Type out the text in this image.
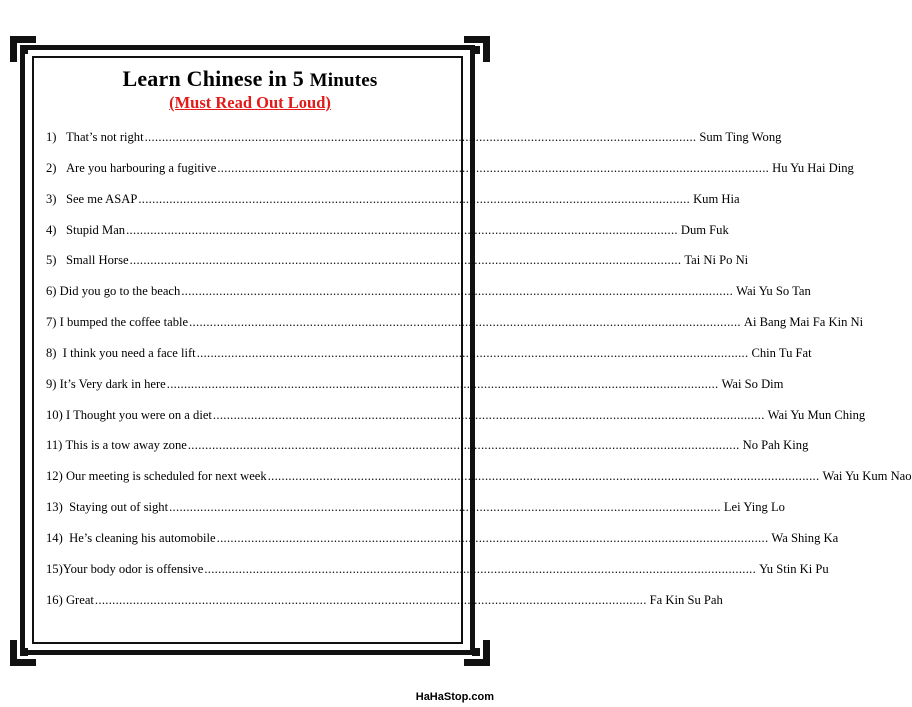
Learn Chinese in 5 Minutes
(Must Read Out Loud)
1)
That’s not right ................................................................................................................................................................ Sum Ting Wong
2)
Are you harbouring a fugitive ................................................................................................................................................................ Hu Yu Hai Ding
3)
See me ASAP ................................................................................................................................................................ Kum Hia
4)
Stupid Man ................................................................................................................................................................ Dum Fuk
5)
Small Horse ................................................................................................................................................................ Tai Ni Po Ni
6)
Did you go to the beach ................................................................................................................................................................ Wai Yu So Tan
7)
I bumped the coffee table ................................................................................................................................................................ Ai Bang Mai Fa Kin Ni
8)
I think you need a face lift ................................................................................................................................................................ Chin Tu Fat
9)
It’s Very dark in here ................................................................................................................................................................ Wai So Dim
10)
I Thought you were on a diet ................................................................................................................................................................ Wai Yu Mun Ching
11)
This is a tow away zone ................................................................................................................................................................ No Pah King
12)
Our meeting is scheduled for next week ................................................................................................................................................................ Wai Yu Kum Nao
13)
Staying out of sight ................................................................................................................................................................ Lei Ying Lo
14)
He’s cleaning his automobile ................................................................................................................................................................ Wa Shing Ka
15) Your body odor is offensive ................................................................................................................................................................ Yu Stin Ki Pu
16)
Great ................................................................................................................................................................ Fa Kin Su Pah
HaHaStop.com
